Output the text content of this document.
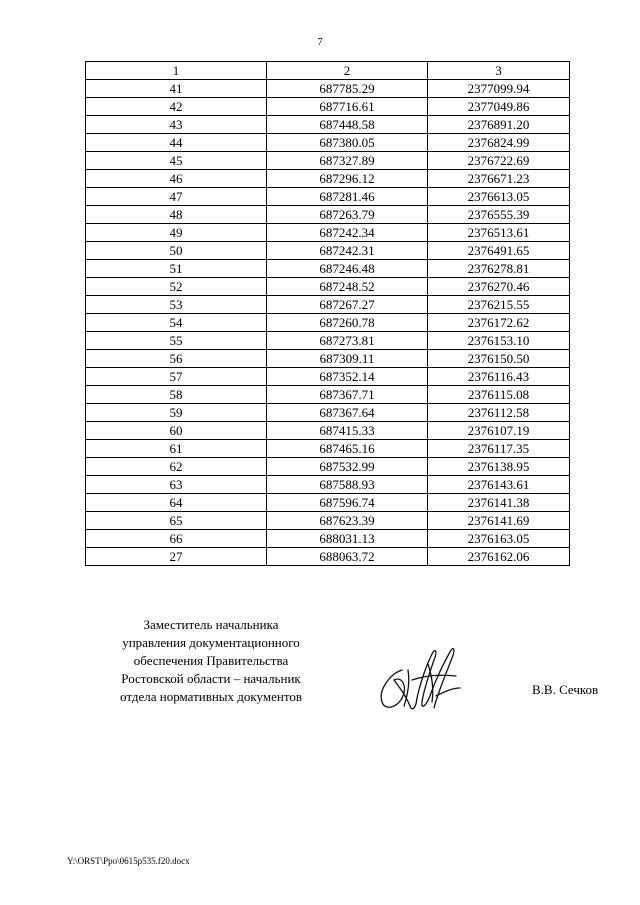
7
1	2	3
41	687785.29	2377099.94
42	687716.61	2377049.86
43	687448.58	2376891.20
44	687380.05	2376824.99
45	687327.89	2376722.69
46	687296.12	2376671.23
47	687281.46	2376613.05
48	687263.79	2376555.39
49	687242.34	2376513.61
50	687242.31	2376491.65
51	687246.48	2376278.81
52	687248.52	2376270.46
53	687267.27	2376215.55
54	687260.78	2376172.62
55	687273.81	2376153.10
56	687309.11	2376150.50
57	687352.14	2376116.43
58	687367.71	2376115.08
59	687367.64	2376112.58
60	687415.33	2376107.19
61	687465.16	2376117.35
62	687532.99	2376138.95
63	687588.93	2376143.61
64	687596.74	2376141.38
65	687623.39	2376141.69
66	688031.13	2376163.05
27	688063.72	2376162.06
Заместитель начальника
управления документационного
обеспечения Правительства
Ростовской области – начальник
отдела нормативных документов	В.В. Сечков
Y:\ORST\Ppo\0615p535.f20.docx
